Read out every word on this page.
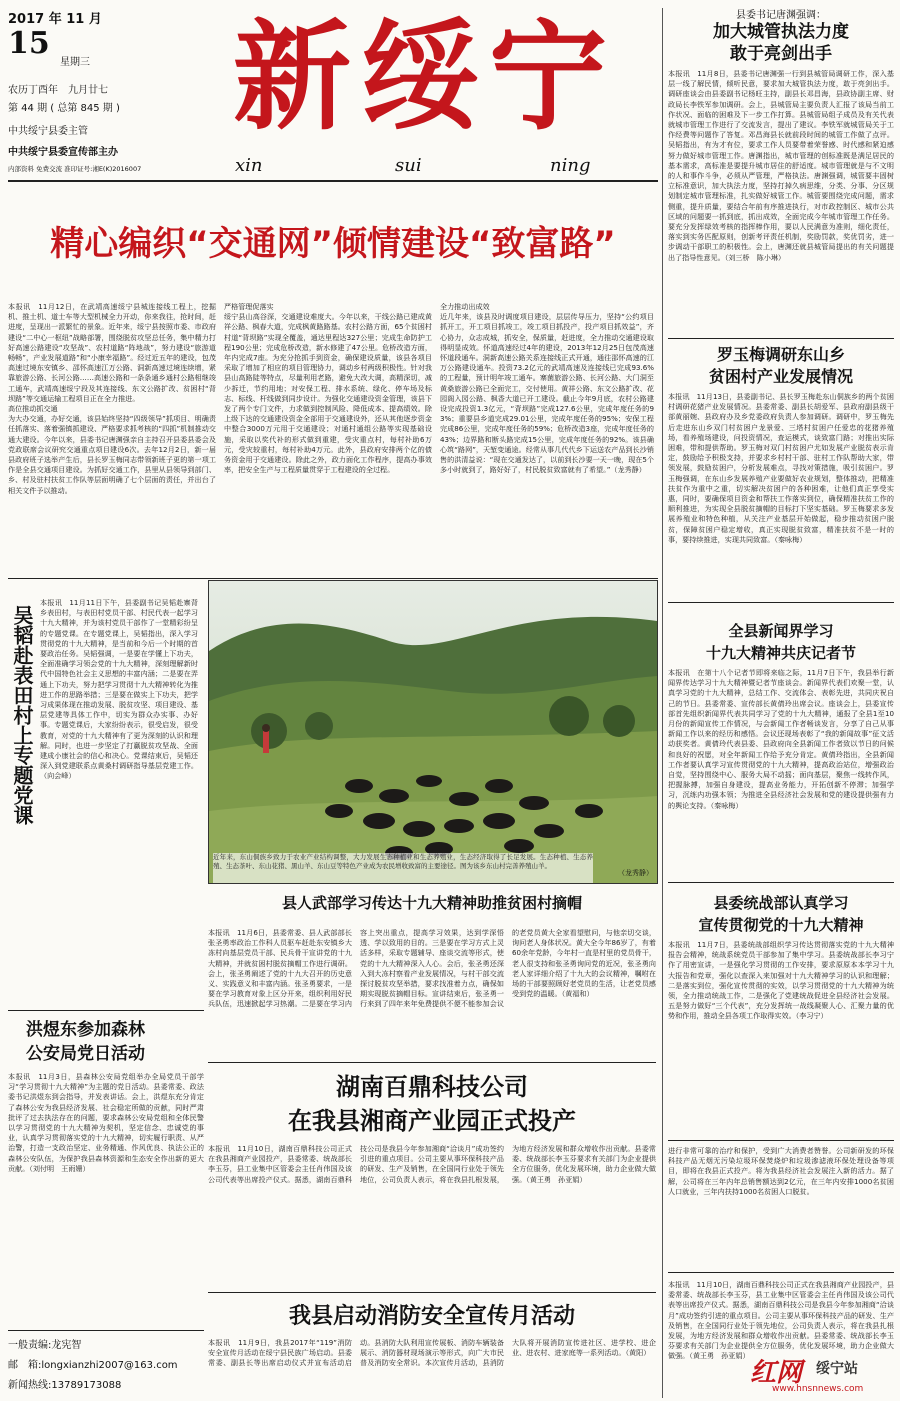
2017 年 11 月
15
星期三
农历丁酉年　九月廿七
第 44 期 ( 总第 845 期 )
中共绥宁县委主管
中共绥宁县委宣传部主办
内部资料 免费交流 准印证号:湘E(K)2016007
新绥宁
xin	sui	ning
精心编织“交通网”倾情建设“致富路”
本报讯　11月12日，在武靖高速绥宁县城连接线工程上，挖掘机、推土机、道士车等大型机械全力开动，你来我往，抢时间，赶进度，呈现出一派繁忙的景象。近年来，绥宁县按照市委、市政府建设“二中心一枢纽”战略部署，围绕脱贫攻坚总任务，集中精力打好高速公路建设“攻坚战”、农村道路“阵地战”，努力建设“旅游道畅畅”，产业发展道路”和“小康幸福路”。经过近五年的建设，包茂高速过境东安镇乡、邵怀高速江万公路、洞新高速过境连续增，紧靠旅游公路、长河公路……高速公路和一条条通乡通村公路相继竣工通车，武靖高速绥宁段及其连接线、东文公路扩改、贫困村“背坝路”等交通运输工程项目正在全力推进。
高位推动抓交通
为大办交通，办好交通，该县始终坚持“四级领导”抓项目、明确责任抓落实、落着强镇抓建设、严格要求抓考核的“四抓”机制推动交通大建设。今年以来，县委书记唐渊强亲自主持召开县委县委会及党政联席会议研究交通重点项目建设6次。去年12月2日，新一届县政府班子选举产生后，县长罗玉梅同志带领新班子更的第一项工作是全县交通项目建设。为抓好交通工作，县里从县领导到部门、乡、村及驻村扶贫工作队等层面明确了七个层面的责任，并出台了相关文件予以推动。
严格管理促落实
绥宁县山高谷深，交通建设难度大。今年以来，干线公路已建成黄祥公路、枫春大道，完成枫黄路路基。农村公路方面，65个贫困村村道“背坝路”实现全覆盖，通达里程达327公里；完成生命防护工程190公里；完成危桥改造，新水修建了47公里。危桥改造方面，年内完成7座。为充分抢抓手到资金，确保建设质量，该县各项目采取了增加了相应的项目管理协力，调动乡村两级积极性。针对我县山高路陡等特点，尽量利用老路，避免大改大调，高精深切，减少拆迁，节约用地；对安保工程、排水系统、绿化、停车场及标志、标线、杆线做到同步设计。为强化交通建设资金管理，该县下发了两个专门文件，力求做到控制风险、降低成本、提高绩效。除上级下达的交通建设资金全部用于交通建设外，还从其他逐步资金中整合3000万元用于交通建设；对通村通组公路等实现基础设施，采取以奖代补的形式做到重建，受灾重点村，每村补助6万元，受灾较重村，每村补助4万元。此外，县政府安排两个亿的债务资金用于交通建设。除此之外，政力面化工作程序，提高办事效率，把安全生产与工程质量贯穿于工程建设的全过程。
全力推动出成效
近几年来，该县及时调度项目建设，层层传导压力，坚持“公约项目抓开工，开工项目抓竣工，竣工项目抓投产，投产项目抓效益”，齐心协力，众志成城，抓安全，保质量，赶进度，全力推动交通建设取得明显成效。怀道高速经过4年的建设，2013年12月25日包茂高速怀道段通车。洞新高速公路关系连接线正式开通，通往邵怀高速的江万公路建设通车。投资73.2亿元的武靖高速及连接线已完成93.6%的工程量，预计明年竣工通车。寨菌旅游公路、长河公路、大门洞至黄桑旅游公路已全面完工，交付使用。黄祥公路、东文公路扩改、花园阁入园公路、枫香大道已开工建设。截止今年9月底，农村公路建设完成投资1.3亿元，“背坝路”完成127.6公里，完成年度任务的93%；重要县乡道完成29.01公里，完成年度任务的95%；安保工程完成86公里，完成年度任务的59%；危桥改造3座，完成年度任务的43%；边界路和断头路完成15公里，完成年度任务的92%。该县确心筑“路网”，天堑变通途。经常从事几代代乡下运送农产品到长沙销售的洪清益说：“现在交通发达了，以前到长沙要一天一晚，现在5个多小时就到了，路好好了，村民脱贫致富就有了希望。”（龙秀静）
县委书记唐渊强调：
加大城管执法力度
敢于亮剑出手
本报讯　11月8日，县委书记唐渊强一行到县城管局调研工作，深入基层一线了解民情，倾听民意，要求加大城管执法力度，敢于亮剑出手。调研座谈会由县委副书记杨旺主持，副县长邓昌海，县政协副主席、财政局长李铁军参加调研。会上，县城管局主要负责人汇报了该局当前工作状况、面临的困难及下一步工作打算。县城管局组子成员及有关代表就城市管理工作进行了交流发言，提出了建议。李铁军就城管局关于工作经费等问题作了答复。邓昌海县长就前段时间的城管工作做了点评。吴韬指出，有为才有位，要求工作人员要带着荣誉感、时代感和紧迫感努力做好城市管理工作。唐渊指出，城市管理的创标准既是满足居民的基本需求，高标准是要提升城市居住的舒适度。城市管理就是与不文明的人和事作斗争，必须从严管理，严格执法。唐渊强调，城管要丰固树立标准意识，加大执法力度，坚持打掉久病思维，分类、分事、分区规划制定城市管理标准，扎实做好城管工作。城管要围绕完成问题，需求侧重，提升质量，要结合年前有序推进执行，对市政控制区、城市公共区域的问题要一抓到底，抓出成效，全面完成今年城市管理工作任务。要充分发挥绿效考核的指挥棒作用，要以人民满意为准则，细化责任，落实到实务匹配原则，创新考评责任机制，奖励罚款，奖优罚劣，进一步调动干部职工的积极性。会上，唐渊还就县城管局提出的有关问题提出了指导性意见。（刘三桥　陈小琳）
罗玉梅调研东山乡
贫困村产业发展情况
本报讯　11月13日，县委副书记、县长罗玉梅赴东山侗族乡的两个贫困村调研花猪产业发展情况。县委常委、副县长胡爱军、县政府副县级干部黄丽婉、县政府办及乡党委政府负责人参加调研。调研中，罗玉梅先后走进东山乡双门村贫困户龙景爱、三塔村贫困户任爱忠的花猪养殖场，看养殖场建设，问投资情况，查运模式，谈致富门路；对推出实际困难，带和提供帮助。罗玉梅对双门村贫困户尤如发展产业脱贫表示肯定，鼓励给予积极支持，并要求乡村村干部、驻村工作队帮助大家，带领发展，鼓励贫困户，分析发展难点，寻找对策措施，吸引贫困户。罗玉梅强调，在东山乡发展养殖产业要做好农业规划，整体推动，把精准扶贫作为重中之重，切实解决贫困户的各种困难，让他们真正享受实惠，同时，要确保项目资金和帮扶工作落实到位，确保精准扶贫工作的顺利推进，为实现全县脱贫摘帽的目标打下坚实基础。罗玉梅要求多发展养殖业和特色种植，从关注产业基层开始做起，稳步推动贫困户脱贫，保障贫困户稳定增收，真正实现脱贫致富，精准扶贫不是一时的事，要持续推进，实现共同致富。（秦咏梅）
全县新闻界学习
十九大精神共庆记者节
本报讯　在第十八个记者节即将来临之际，11月7日下午，我县举行新闻界传达学习十九大精神暨记者节座谈会。新闻界代表们欢聚一堂，认真学习党的十九大精神，总结工作、交流体会、表彰先进，共同庆祝自己的节日。县委常委、宣传部长黄倩玲出席会议。座谈会上，县委宣传部首先组织新闻界代表共同学习了党的十九大精神，通报了全县1至10月份的新闻宣传工作情况，与会新闻工作者畅谈发言，分享了自己从事新闻工作以来的经历和感悟。会议还现场表彰了“我的新闻故事”征文活动获奖者。黄倩玲代表县委、县政府向全县新闻工作者致以节日的问候和良好的祝愿，对全年新闻工作给予充分肯定。黄倩玲指出，全县新闻工作者要认真学习宣传贯彻党的十九大精神，提高政治站位，增强政治自觉，坚持围绕中心、服务大局不动摇；面向基层，聚焦一线转作风，把握脉搏，加强自身建设，提高业务能力，开拓创新不停滞；加强学习，沉练内功强本领；为推进全县经济社会发展和党的建设提供强有力的舆论支持。（秦咏梅）
县委统战部认真学习
宣传贯彻党的十九大精神
本报讯　11月7日，县委统战部组织学习传达贯彻落实党的十九大精神报告会精神，统战系统党员干部参加了集中学习。县委统战部长李习宁作了用密宣讲，一是强化学习贯彻的工作安排，要求原原本本学习十九大报告和党章，强化以查深入来加强对十九大精神学习的认识和理解；二是落实到位，强化宣传贯彻的实效，以学习贯彻党的十九大精神为统领，全力推动统战工作，二是强化了党建统战促进全县经济社会发展。五是努力做好“三个代表”，充分发挥统一战线凝聚人心、汇聚力量的优势和作用，推动全县各项工作取得实效。（李习宁）
进行非常可靠的治疗和保护，受到广大消费者赞誉。公司新研发的环保科技产品无烟无污染垃圾环保焚烧炉和垃圾渗滤液环保处理设备等项目，即将在我县正式投产。将为我县经济社会发展注入新的活力。据了解，公司将在三年内年总销售额达到2亿元，在三年内安排1000名贫困人口就业，三年内扶持1000名贫困人口脱贫。
本报讯　11月10日，湖南百鼎科技公司正式在我县湘商产业园投产，县委常委、统战部长李玉芬，县工业集中区管委会主任肖伟国及该公司代表等出席投产仪式。据悉，湖南百鼎科技公司是我县今年参加湘商“洽谈月”成功签约引进的重点项目。公司主要从事环保科技产品的研发、生产及销售，在全国同行业处于领先地位，公司负责人表示，将在我县扎根发展，为地方经济发展和群众增收作出贡献。县委常委、统战部长李玉芬要求有关部门为企业提供全方位服务，优化发展环境，助力企业做大做强。（黄王勇　孙亚娟）
红网 绥宁站
www.hnsnnews.com
吴韬赴表田村上专题党课
本报讯　11月11日下午，县委副书记吴韬赴寨背乡表田村，与表田村党员干部、村民代表一起学习十九大精神，并为该村党员干部作了一堂精彩纷呈的专题党课。在专题党课上，吴韬指出，深入学习贯彻党的十九大精神，是当前和今后一个时期的首要政治任务。吴韬强调，一是要在学懂上下功夫，全面准确学习领会党的十九大精神，深刻理解新时代中国特色社会主义思想的丰富内涵；二是要在弄通上下功夫，努力把学习贯彻十九大精神转化为推进工作的思路举措；三是要在做实上下功夫，把学习成果体现在推动发展、脱贫攻坚、项目建设、基层党建等具体工作中，切实为群众办实事、办好事。专题党课后，大家纷纷表示，很受启发，很受教育，对党的十九大精神有了更为深刻的认识和理解。同时，也进一步坚定了打赢脱贫攻坚战、全面建成小康社会的信心和决心。党课结束后，吴韬还深入到党建联系点黄桑村调研指导基层党建工作。（向会峰）
近年来，东山侗族乡致力于农业产业结构调整，大力发展生态种植业和生态养殖业，生态经济取得了长足发展。生态种植、生态养殖、生态茶叶、东山花猪、黑山羊、东山豆等特色产业成为农民增收致富的主要途径。图为该乡东山村完善养殖山羊。
（龙秀静）
县人武部学习传达十九大精神助推贫困村摘帽
本报讯　11月6日，县委常委、县人武部部长张圣勇率政治工作科人员驱车赶赴东安镇乡大冻村向基层党员干部、民兵骨干宣讲党的十九大精神，并就贫困村脱贫摘帽工作进行调研。会上，张圣勇阐述了党的十九大召开的历史意义、实践意义和丰富内涵。张圣勇要求，一是要在学习教育对象上区分开来，组织利用好民兵队伍，迅速掀起学习热潮。二是要在学习内容上突出重点，提高学习效果，达到学深悟透、学以致用的目的。三是要在学习方式上灵活多样，采取专题辅导、座谈交流等形式，使党的十九大精神深入人心。会后，张圣勇还深入到大冻村察看产业发展情况，与村干部交流探讨脱贫攻坚举措，要求找准着力点，确保如期实现脱贫摘帽目标。宣讲结束后，张圣勇一行来到了四年来年免费提供不便不能参加会议的老党员黄大全家看望慰问，与他亲切交谈，询问老人身体状况。黄大全今年86岁了，有着60余年党龄，今年村一直是村里的党员骨干，老人很支持和张圣勇询问党的近况，张圣勇向老人家详细介绍了十九大的会议精神，嘱咐在场的干部要照顾好老党员的生活，让老党员感受到党的温暖。（黄福和）
洪煜东参加森林
公安局党日活动
本报讯　11月3日，县森林公安局党组举办全局党员干部学习“学习贯彻十九大精神”为主题的党日活动。县委常委、政法委书记洪煜东到会指导，并发表讲话。会上，洪煜东充分肯定了森林公安为我县经济发展、社会稳定所做的贡献，同时严肃批评了过去执法存在的问题，要求森林公安局党组和全体民警以学习贯彻党的十九大精神为契机，坚定信念、忠诚党的事业，认真学习贯彻落实党的十九大精神，切实履行职责、从严治警，打造一支政治坚定、业务精通、作风优良、执法公正的森林公安队伍，为保护我县森林资源和生态安全作出新的更大贡献。（刘付明　王雨姗）
湖南百鼎科技公司
在我县湘商产业园正式投产
本报讯　11月10日，湖南百鼎科技公司正式在我县湘商产业园投产，县委常委、统战部长李玉芬，县工业集中区管委会主任肖伟国及该公司代表等出席投产仪式。据悉，湖南百鼎科技公司是我县今年参加湘商“洽谈月”成功签约引进的重点项目。公司主要从事环保科技产品的研发、生产及销售，在全国同行业处于领先地位，公司负责人表示，将在我县扎根发展，为地方经济发展和群众增收作出贡献。县委常委、统战部长李玉芬要求有关部门为企业提供全方位服务，优化发展环境，助力企业做大做强。（黄王勇　孙亚娟）
我县启动消防安全宣传月活动
本报讯　11月9日，我县2017年“119”消防安全宣传月活动在绥宁县民族广场启动。县委常委、副县长等出席启动仪式并宣布活动启动。县消防大队利用宣传展板、消防车辆装备展示、消防器材现场演示等形式，向广大市民普及消防安全常识。本次宣传月活动，县消防大队将开展消防宣传进社区、进学校、进企业、进农村、进家庭等一系列活动。（黄阳）
一般责编:龙宪智
邮　箱:longxianzhi2007@163.com
新闻热线:13789173088
